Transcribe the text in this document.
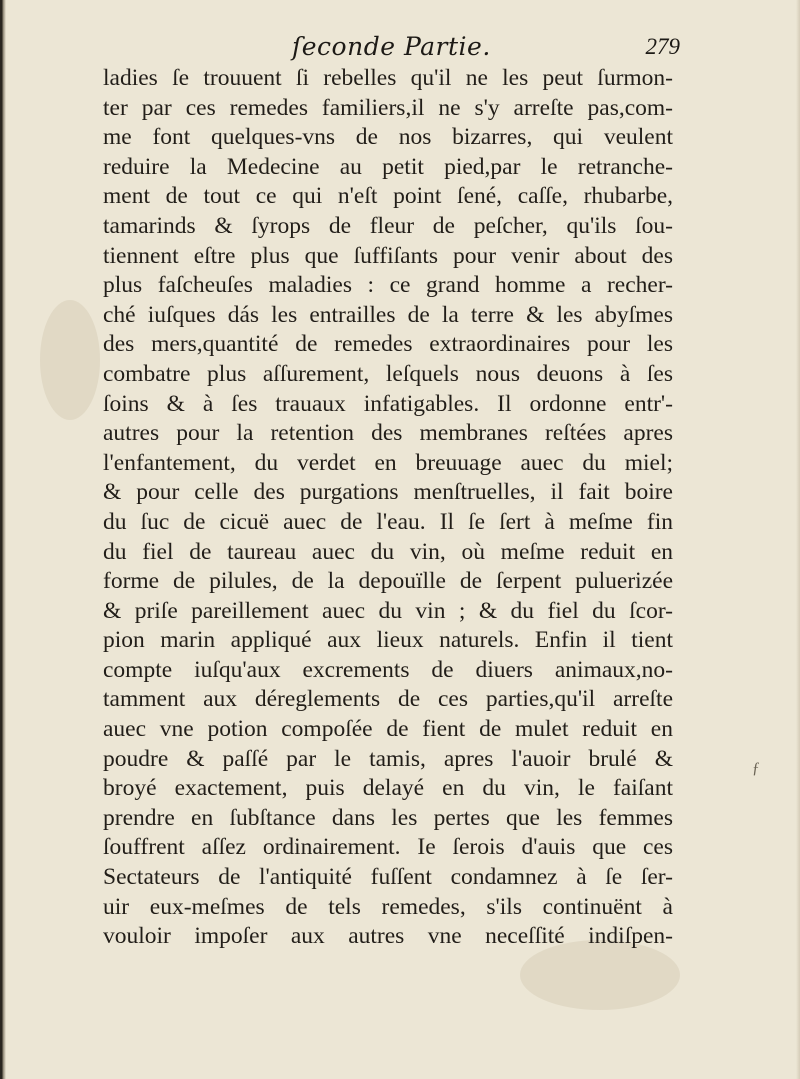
ſeconde Partie.	279
ladies ſe trouuent ſi rebelles qu'il ne les peut ſurmon-
ter par ces remedes familiers,il ne s'y arreſte pas,com-
me font quelques-vns de nos bizarres, qui veulent
reduire la Medecine au petit pied,par le retranche-
ment de tout ce qui n'eſt point ſené, caſſe, rhubarbe,
tamarinds & ſyrops de fleur de peſcher, qu'ils ſou-
tiennent eſtre plus que ſuffiſants pour venir about des
plus faſcheuſes maladies : ce grand homme a recher-
ché iuſques dás les entrailles de la terre & les abyſmes
des mers,quantité de remedes extraordinaires pour les
combatre plus aſſurement, leſquels nous deuons à ſes
ſoins & à ſes trauaux infatigables. Il ordonne entr'-
autres pour la retention des membranes reſtées apres
l'enfantement, du verdet en breuuage auec du miel;
& pour celle des purgations menſtruelles, il fait boire
du ſuc de cicuë auec de l'eau. Il ſe ſert à meſme fin
du fiel de taureau auec du vin, où meſme reduit en
forme de pilules, de la depouïlle de ſerpent puluerizée
& priſe pareillement auec du vin ; & du fiel du ſcor-
pion marin appliqué aux lieux naturels. Enfin il tient
compte iuſqu'aux excrements de diuers animaux,no-
tamment aux déreglements de ces parties,qu'il arreſte
auec vne potion compoſée de fient de mulet reduit en
poudre & paſſé par le tamis, apres l'auoir brulé &
broyé exactement, puis delayé en du vin, le faiſant
prendre en ſubſtance dans les pertes que les femmes
ſouffrent aſſez ordinairement. Ie ſerois d'auis que ces
Sectateurs de l'antiquité fuſſent condamnez à ſe ſer-
uir eux-meſmes de tels remedes, s'ils continuënt à
vouloir impoſer aux autres vne neceſſité indiſpen-
ƒ
